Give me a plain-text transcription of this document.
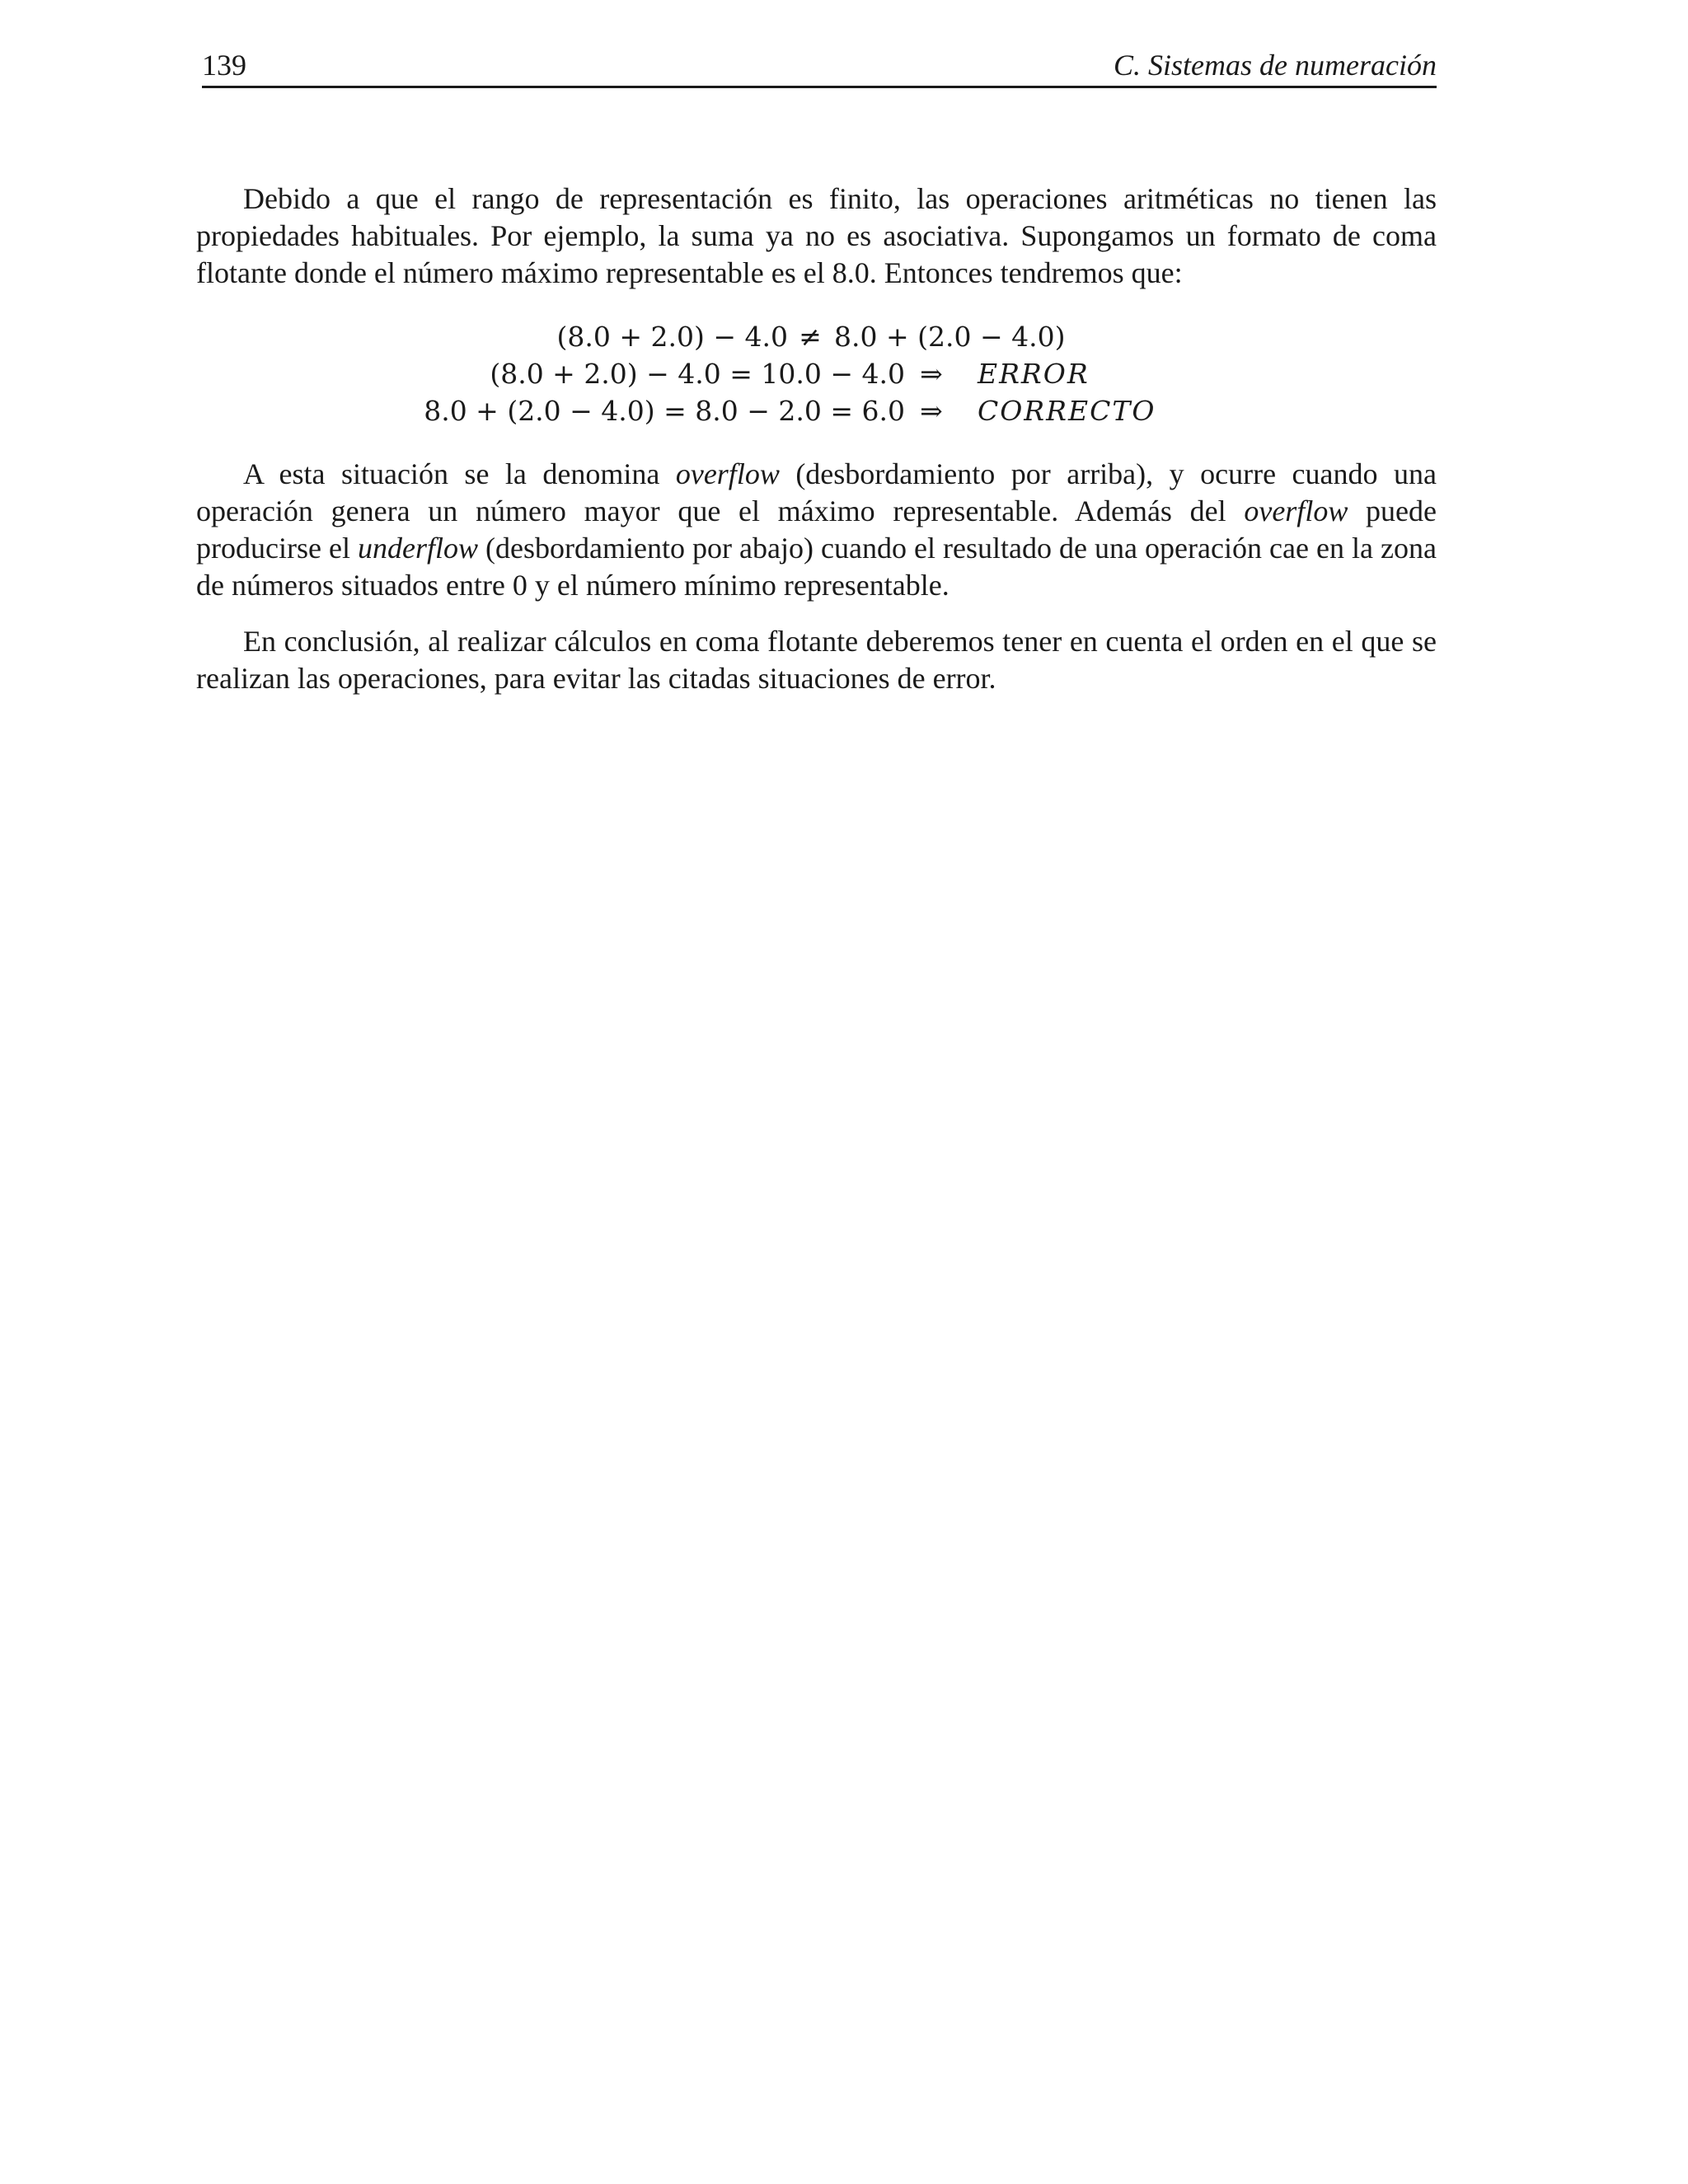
139	C. Sistemas de numeración

Debido a que el rango de representación es finito, las operaciones aritméticas no tienen las propiedades habituales. Por ejemplo, la suma ya no es asociativa. Supongamos un formato de coma flotante donde el número máximo representable es el 8.0. Entonces tendremos que:

(8.0 + 2.0) − 4.0 ≠ 8.0 + (2.0 − 4.0)
(8.0 + 2.0) − 4.0 = 10.0 − 4.0 ⇒ ERROR
8.0 + (2.0 − 4.0) = 8.0 − 2.0 = 6.0 ⇒ CORRECTO

A esta situación se la denomina overflow (desbordamiento por arriba), y ocurre cuando una operación genera un número mayor que el máximo representable. Además del overflow puede producirse el underflow (desbordamiento por abajo) cuando el resultado de una operación cae en la zona de números situados entre 0 y el número mínimo representable.

En conclusión, al realizar cálculos en coma flotante deberemos tener en cuenta el orden en el que se realizan las operaciones, para evitar las citadas situaciones de error.
